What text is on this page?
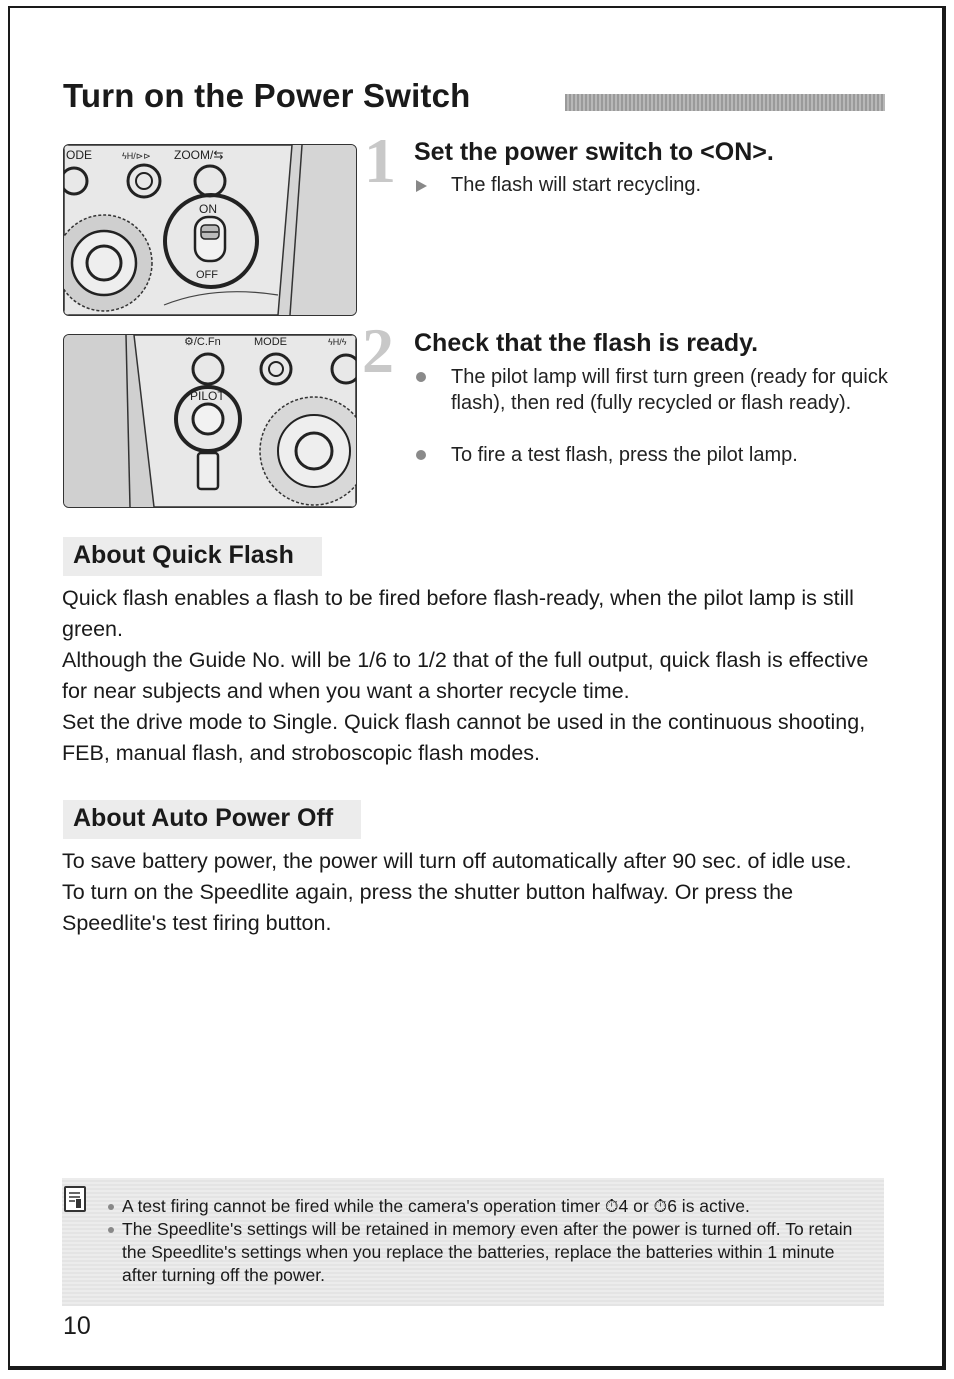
Turn on the Power Switch
ODE	ϟH/⊳⊳ ZOOM/⇆
ON
OFF
⚙/C.Fn	MODE	ϟH/ϟ
PILOT
1 Set the power switch to <ON>.
The flash will start recycling.
2 Check that the flash is ready.
The pilot lamp will first turn green (ready for quick flash), then red (fully recycled or flash ready).
To fire a test flash, press the pilot lamp.
About Quick Flash

Quick flash enables a flash to be fired before flash-ready, when the pilot lamp is still green.

Although the Guide No. will be 1/6 to 1/2 that of the full output, quick flash is effective for near subjects and when you want a shorter recycle time.

Set the drive mode to Single. Quick flash cannot be used in the continuous shooting, FEB, manual flash, and stroboscopic flash modes.

About Auto Power Off

To save battery power, the power will turn off automatically after 90 sec. of idle use. To turn on the Speedlite again, press the shutter button halfway. Or press the Speedlite's test firing button.

A test firing cannot be fired while the camera's operation timer ⏱4 or ⏱6 is active.
The Speedlite's settings will be retained in memory even after the power is turned off. To retain the Speedlite's settings when you replace the batteries, replace the batteries within 1 minute after turning off the power.
10
